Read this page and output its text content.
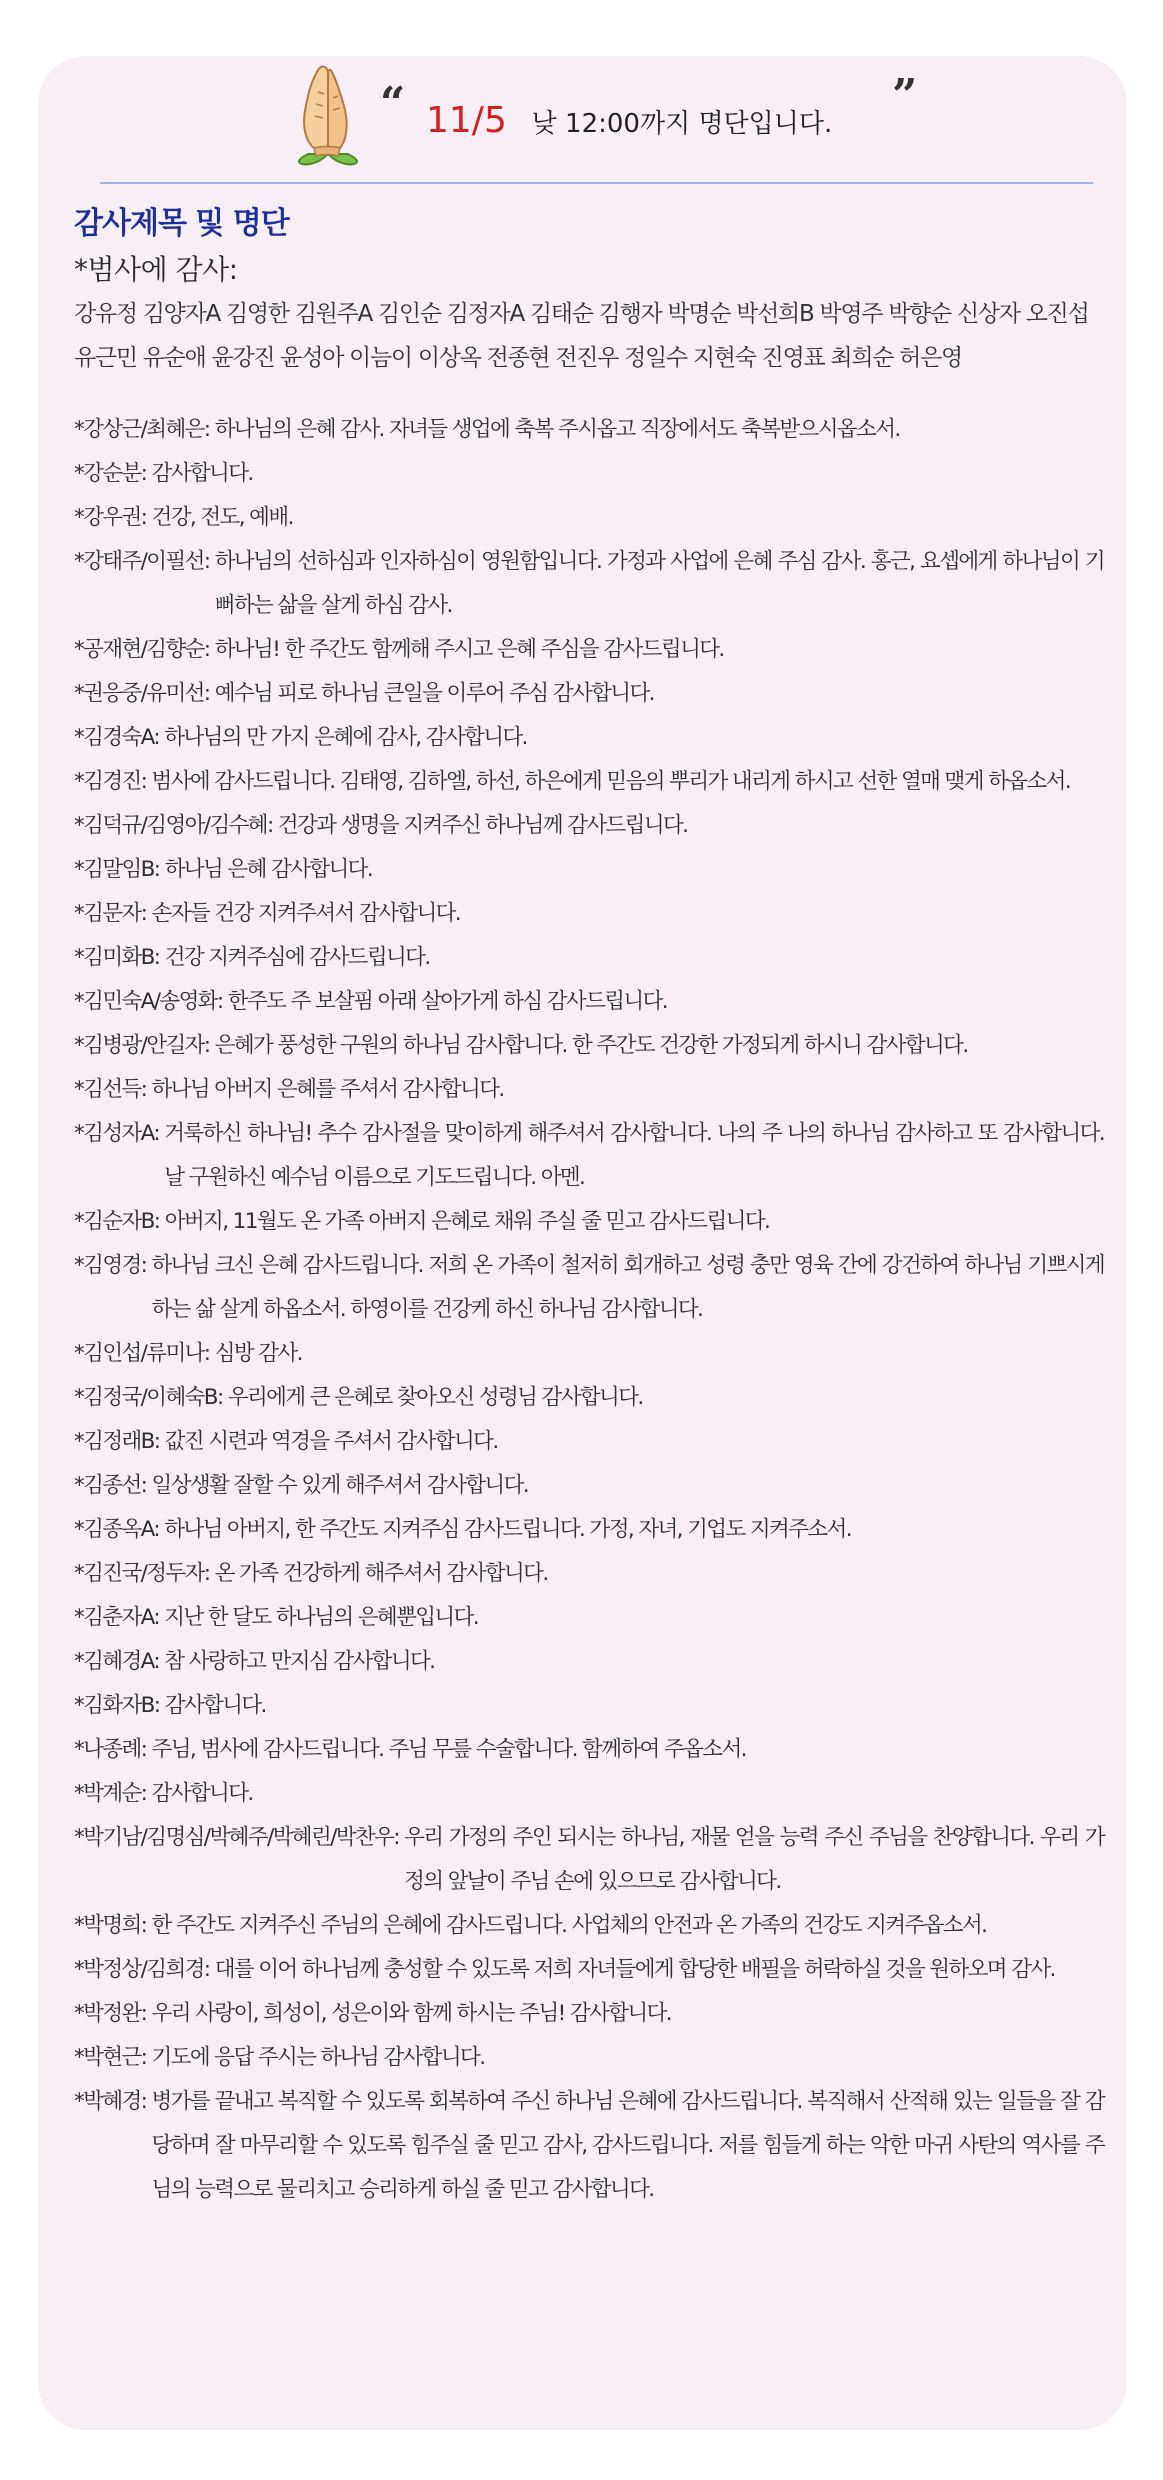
“ 11/5 낮 12:00까지 명단입니다.
”
감사제목 및 명단
*범사에 감사:
강유정 김양자A 김영한 김원주A 김인순 김정자A 김태순 김행자 박명순 박선희B 박영주 박향순 신상자 오진섭
유근민 유순애 윤강진 윤성아 이늠이 이상옥 전종현 전진우 정일수 지현숙 진영표 최희순 허은영
*강상근/최혜은:
하나님의 은혜 감사. 자녀들 생업에 축복 주시옵고 직장에서도 축복받으시옵소서.
*강순분:
감사합니다.
*강우권:
건강, 전도, 예배.
*강태주/이필선:
하나님의 선하심과 인자하심이 영원함입니다. 가정과 사업에 은혜 주심 감사. 홍근, 요셉에게 하나님이 기뻐하는 삶을 살게 하심 감사.
*공재현/김향순:
하나님! 한 주간도 함께해 주시고 은혜 주심을 감사드립니다.
*권응중/유미선:
예수님 피로 하나님 큰일을 이루어 주심 감사합니다.
*김경숙A:
하나님의 만 가지 은혜에 감사, 감사합니다.
*김경진:
범사에 감사드립니다. 김태영, 김하엘, 하선, 하은에게 믿음의 뿌리가 내리게 하시고 선한 열매 맺게 하옵소서.
*김덕규/김영아/김수혜:
건강과 생명을 지켜주신 하나님께 감사드립니다.
*김말임B:
하나님 은혜 감사합니다.
*김문자:
손자들 건강 지켜주셔서 감사합니다.
*김미화B:
건강 지켜주심에 감사드립니다.
*김민숙A/송영화:
한주도 주 보살핌 아래 살아가게 하심 감사드립니다.
*김병광/안길자:
은혜가 풍성한 구원의 하나님 감사합니다. 한 주간도 건강한 가정되게 하시니 감사합니다.
*김선득:
하나님 아버지 은혜를 주셔서 감사합니다.
*김성자A:
거룩하신 하나님! 추수 감사절을 맞이하게 해주셔서 감사합니다. 나의 주 나의 하나님 감사하고 또 감사합니다. 날 구원하신 예수님 이름으로 기도드립니다. 아멘.
*김순자B:
아버지, 11월도 온 가족 아버지 은혜로 채워 주실 줄 믿고 감사드립니다.
*김영경:
하나님 크신 은혜 감사드립니다. 저희 온 가족이 철저히 회개하고 성령 충만 영육 간에 강건하여 하나님 기쁘시게 하는 삶 살게 하옵소서. 하영이를 건강케 하신 하나님 감사합니다.
*김인섭/류미나:
심방 감사.
*김정국/이혜숙B:
우리에게 큰 은혜로 찾아오신 성령님 감사합니다.
*김정래B:
값진 시련과 역경을 주셔서 감사합니다.
*김종선:
일상생활 잘할 수 있게 해주셔서 감사합니다.
*김종옥A:
하나님 아버지, 한 주간도 지켜주심 감사드립니다. 가정, 자녀, 기업도 지켜주소서.
*김진국/정두자:
온 가족 건강하게 해주셔서 감사합니다.
*김춘자A:
지난 한 달도 하나님의 은혜뿐입니다.
*김혜경A:
참 사랑하고 만지심 감사합니다.
*김화자B:
감사합니다.
*나종례:
주님, 범사에 감사드립니다. 주님 무릎 수술합니다. 함께하여 주옵소서.
*박계순:
감사합니다.
*박기남/김명심/박혜주/박혜린/박찬우:
우리 가정의 주인 되시는 하나님, 재물 얻을 능력 주신 주님을 찬양합니다. 우리 가정의 앞날이 주님 손에 있으므로 감사합니다.
*박명희:
한 주간도 지켜주신 주님의 은혜에 감사드립니다. 사업체의 안전과 온 가족의 건강도 지켜주옵소서.
*박정상/김희경:
대를 이어 하나님께 충성할 수 있도록 저희 자녀들에게 합당한 배필을 허락하실 것을 원하오며 감사.
*박정완:
우리 사랑이, 희성이, 성은이와 함께 하시는 주님! 감사합니다.
*박현근:
기도에 응답 주시는 하나님 감사합니다.
*박혜경:
병가를 끝내고 복직할 수 있도록 회복하여 주신 하나님 은혜에 감사드립니다. 복직해서 산적해 있는 일들을 잘 감당하며 잘 마무리할 수 있도록 힘주실 줄 믿고 감사, 감사드립니다. 저를 힘들게 하는 악한 마귀 사탄의 역사를 주님의 능력으로 물리치고 승리하게 하실 줄 믿고 감사합니다.
